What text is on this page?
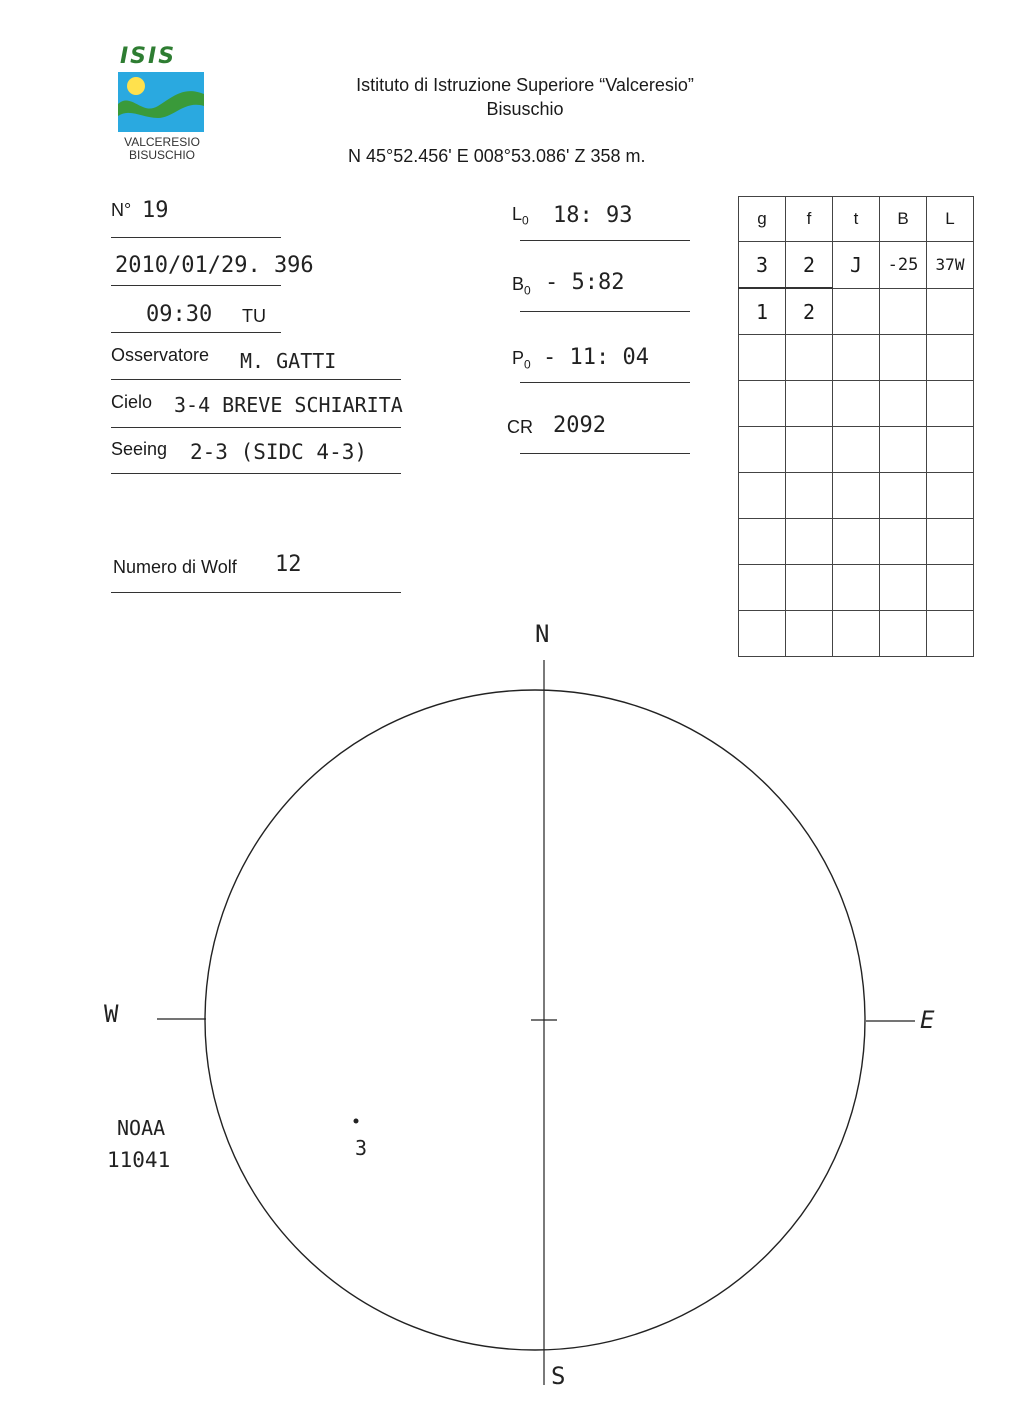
ISIS
VALCERESIO
BISUSCHIO
Istituto di Istruzione Superiore “Valceresio”
Bisuschio
N 45°52.456' E 008°53.086' Z 358 m.
N° 19
2010/01/29. 396
09:30 TU
Osservatore M. GATTI
Cielo 3-4 BREVE SCHIARITA
Seeing 2-3 (SIDC 4-3)
Numero di Wolf 12
$L_0$ 18: 93
$B_0$ - 5:82
$P_0 - 11$: 04
CR 2092
g	f	t	B	L
3	2	J	-25	37W
1	2			

N
S
E
W
3
NOAA
11041
